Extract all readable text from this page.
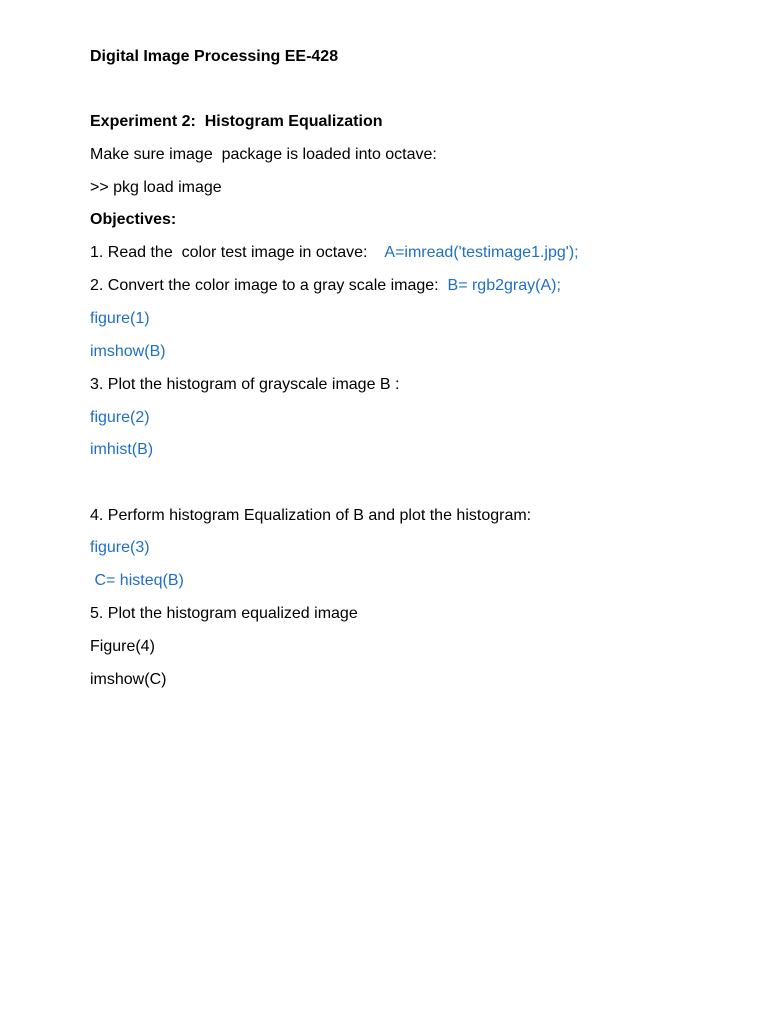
Digital Image Processing EE-428

Experiment 2:  Histogram Equalization

Make sure image  package is loaded into octave:

>> pkg load image

Objectives:

1. Read the  color test image in octave:    A=imread('testimage1.jpg');

2. Convert the color image to a gray scale image:  B= rgb2gray(A);

figure(1)

imshow(B)

3. Plot the histogram of grayscale image B :

figure(2)

imhist(B)

4. Perform histogram Equalization of B and plot the histogram:

figure(3)

C= histeq(B)

5. Plot the histogram equalized image

Figure(4)

imshow(C)
